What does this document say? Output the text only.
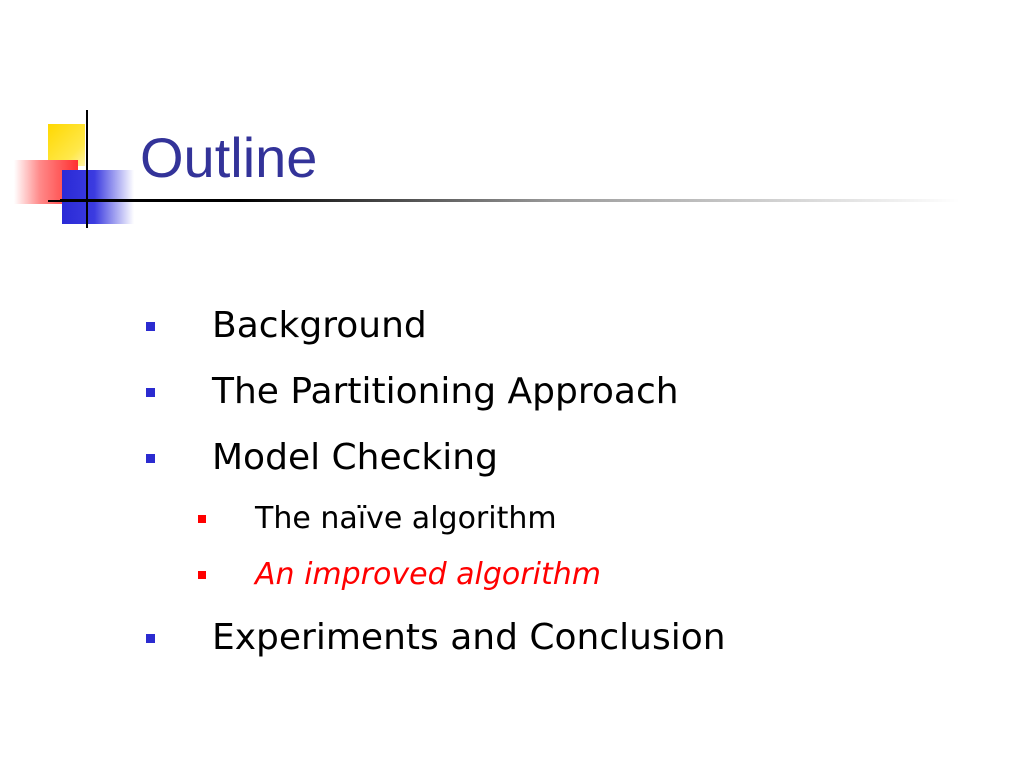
Outline
Background
The Partitioning Approach
Model Checking
The naïve algorithm
An improved algorithm
Experiments and Conclusion
